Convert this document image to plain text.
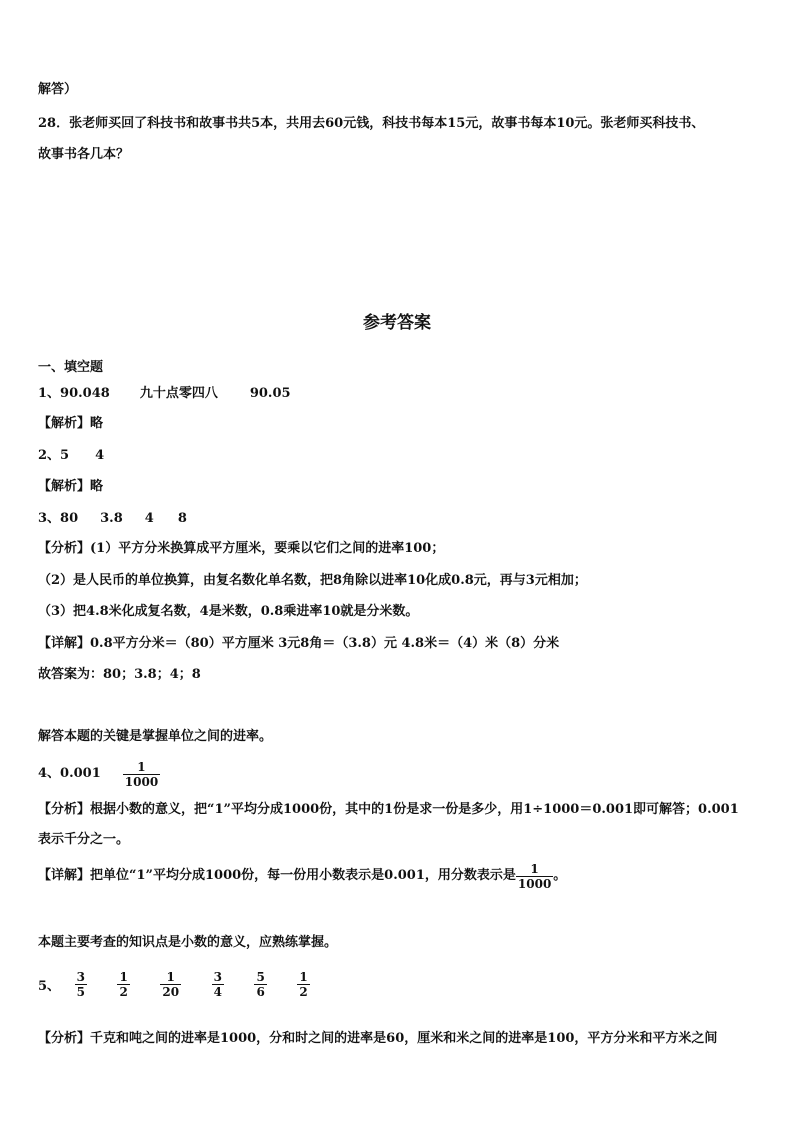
解答）
28．张老师买回了科技书和故事书共5本，共用去60元钱，科技书每本15元，故事书每本10元。张老师买科技书、
故事书各几本？
参考答案
一、填空题
1、90.048 九十点零四八 90.05
【解析】略
2、5 4
【解析】略
3、80 3.8 4 8
【分析】(1）平方分米换算成平方厘米，要乘以它们之间的进率100；
（2）是人民币的单位换算，由复名数化单名数，把8角除以进率10化成0.8元，再与3元相加；
（3）把4.8米化成复名数，4是米数，0.8乘进率10就是分米数。
【详解】0.8平方分米＝（80）平方厘米 3元8角＝（3.8）元 4.8米＝（4）米（8）分米
故答案为：80；3.8；4；8
解答本题的关键是掌握单位之间的进率。
4、$0.001 \frac{1}{1000}$
【分析】根据小数的意义，把“1”平均分成1000份，其中的1份是求一份是多少，用1÷1000＝0.001即可解答；0.001
表示千分之一。
【详解】把单位“1”平均分成1000份，每一份用小数表示是0.001，用分数表示是 $\frac{1}{1000}$ 。
本题主要考查的知识点是小数的意义，应熟练掌握。
5、 $\frac{3}{5}$
	$\frac{1}{2}$
	$\frac{1}{20}$
	$\frac{3}{4}$
	$\frac{5}{6}$
	$\frac{1}{2}$
【分析】千克和吨之间的进率是1000，分和时之间的进率是60，厘米和米之间的进率是100，平方分米和平方米之间
